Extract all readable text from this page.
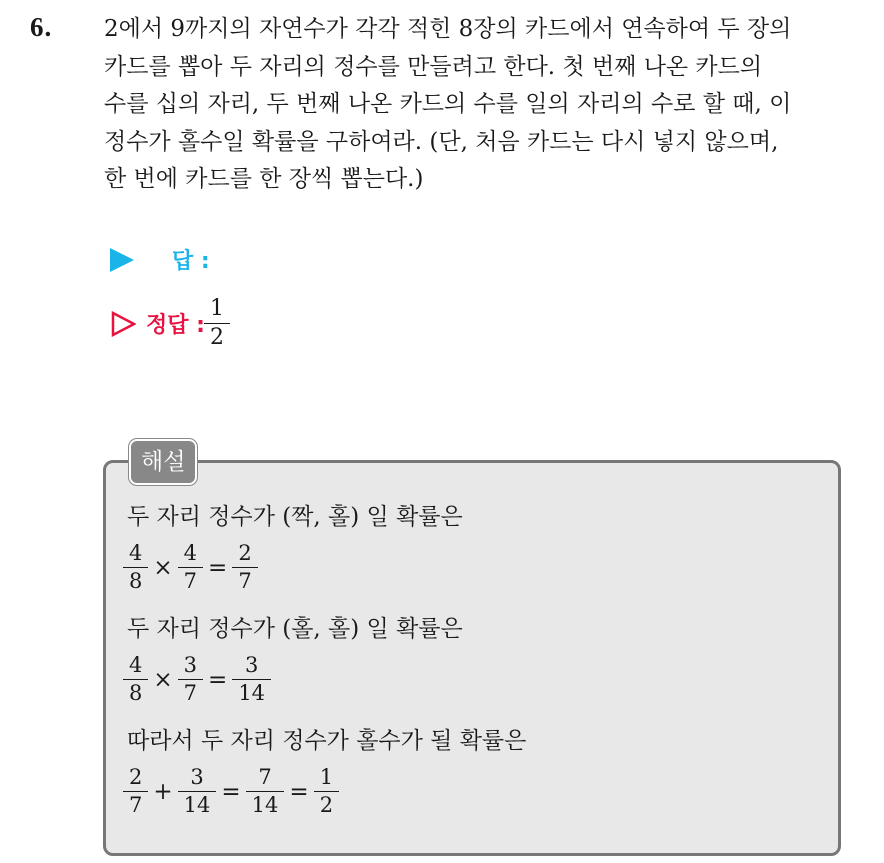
6. 2에서 9까지의 자연수가 각각 적힌 8장의 카드에서 연속하여 두 장의
카드를 뽑아 두 자리의 정수를 만들려고 한다. 첫 번째 나온 카드의
수를 십의 자리, 두 번째 나온 카드의 수를 일의 자리의 수로 할 때, 이
정수가 홀수일 확률을 구하여라. (단, 처음 카드는 다시 넣지 않으며,
한 번에 카드를 한 장씩 뽑는다.)
답 :
정답 : $\frac{1}{2}$
해설
두 자리 정수가 (짝, 홀) 일 확률은
$\frac{4}{8} \times \frac{4}{7} = \frac{2}{7}$
두 자리 정수가 (홀, 홀) 일 확률은
$\frac{4}{8} \times \frac{3}{7} = \frac{3}{14}$
따라서 두 자리 정수가 홀수가 될 확률은
$\frac{2}{7} + \frac{3}{14} = \frac{7}{14} = \frac{1}{2}$
